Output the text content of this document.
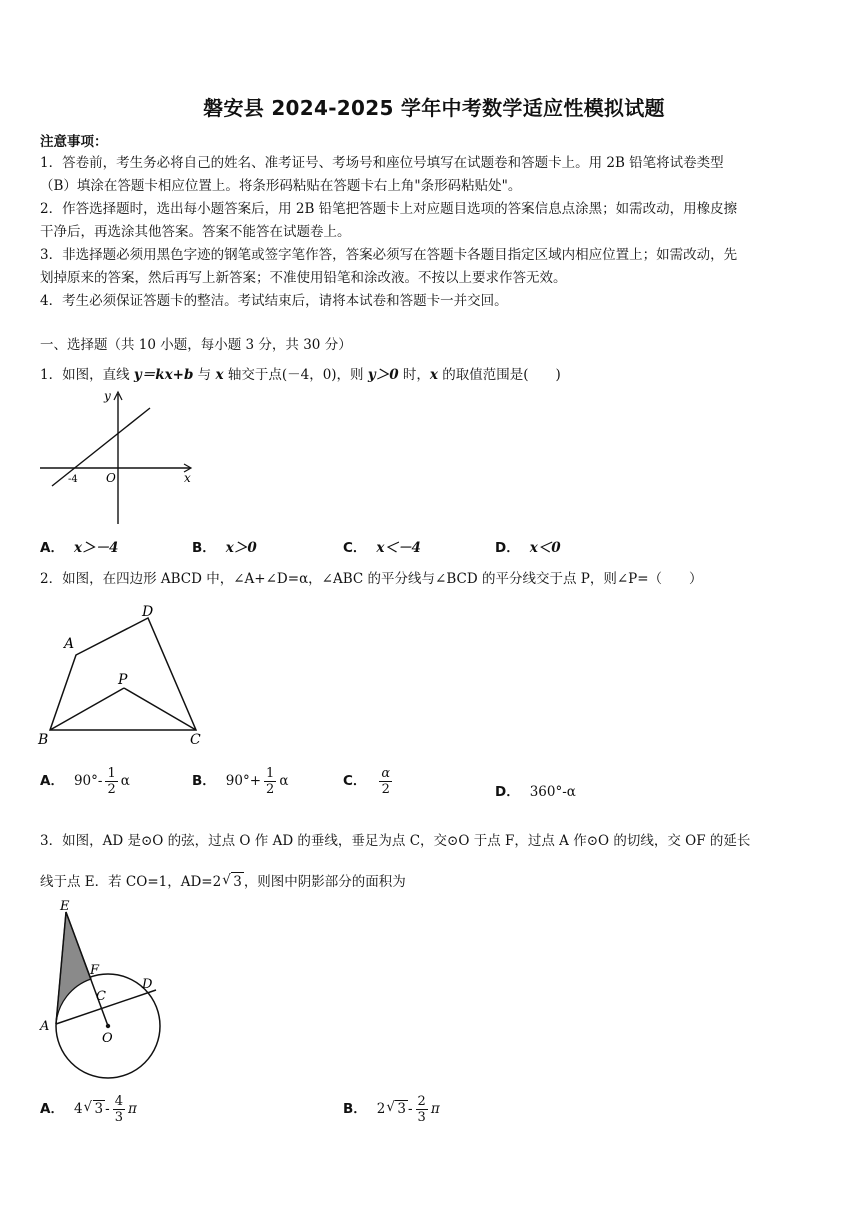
磐安县 2024-2025 学年中考数学适应性模拟试题
注意事项：
1．答卷前，考生务必将自己的姓名、准考证号、考场号和座位号填写在试题卷和答题卡上。用 2B 铅笔将试卷类型
（B）填涂在答题卡相应位置上。将条形码粘贴在答题卡右上角"条形码粘贴处"。
2．作答选择题时，选出每小题答案后，用 2B 铅笔把答题卡上对应题目选项的答案信息点涂黑；如需改动，用橡皮擦
干净后，再选涂其他答案。答案不能答在试题卷上。
3．非选择题必须用黑色字迹的钢笔或签字笔作答，答案必须写在答题卡各题目指定区域内相应位置上；如需改动，先
划掉原来的答案，然后再写上新答案；不准使用铅笔和涂改液。不按以上要求作答无效。
4．考生必须保证答题卡的整洁。考试结束后，请将本试卷和答题卡一并交回。
一、选择题（共 10 小题，每小题 3 分，共 30 分）
1．如图，直线 y＝kx+b 与 x 轴交于点(－4，0)，则 y＞0 时，x 的取值范围是(　　)
y
x
O
-4
A． x＞－4	B． x＞0	C． x＜－4	D． x＜0
2．如图，在四边形 ABCD 中，∠A+∠D=α，∠ABC 的平分线与∠BCD 的平分线交于点 P，则∠P=（　　）
A
D
P
B	C
A． $90^\circ- \frac{1}{2}$ α	B． $90^\circ+ \frac{1}{2}$ α	C． $\frac{\alpha}{2}$	D． 360°-α
3．如图，AD 是⊙O 的弦，过点 O 作 AD 的垂线，垂足为点 C，交⊙O 于点 F，过点 A 作⊙O 的切线，交 OF 的延长
线于点 E．若 CO=1，AD=2 √ 3 ，则图中阴影部分的面积为
E
F
C
D
A
O
A． 4 √ $3 - \frac{4}{3}$ π	B． 2 √ $3 - \frac{2}{3}$ π
